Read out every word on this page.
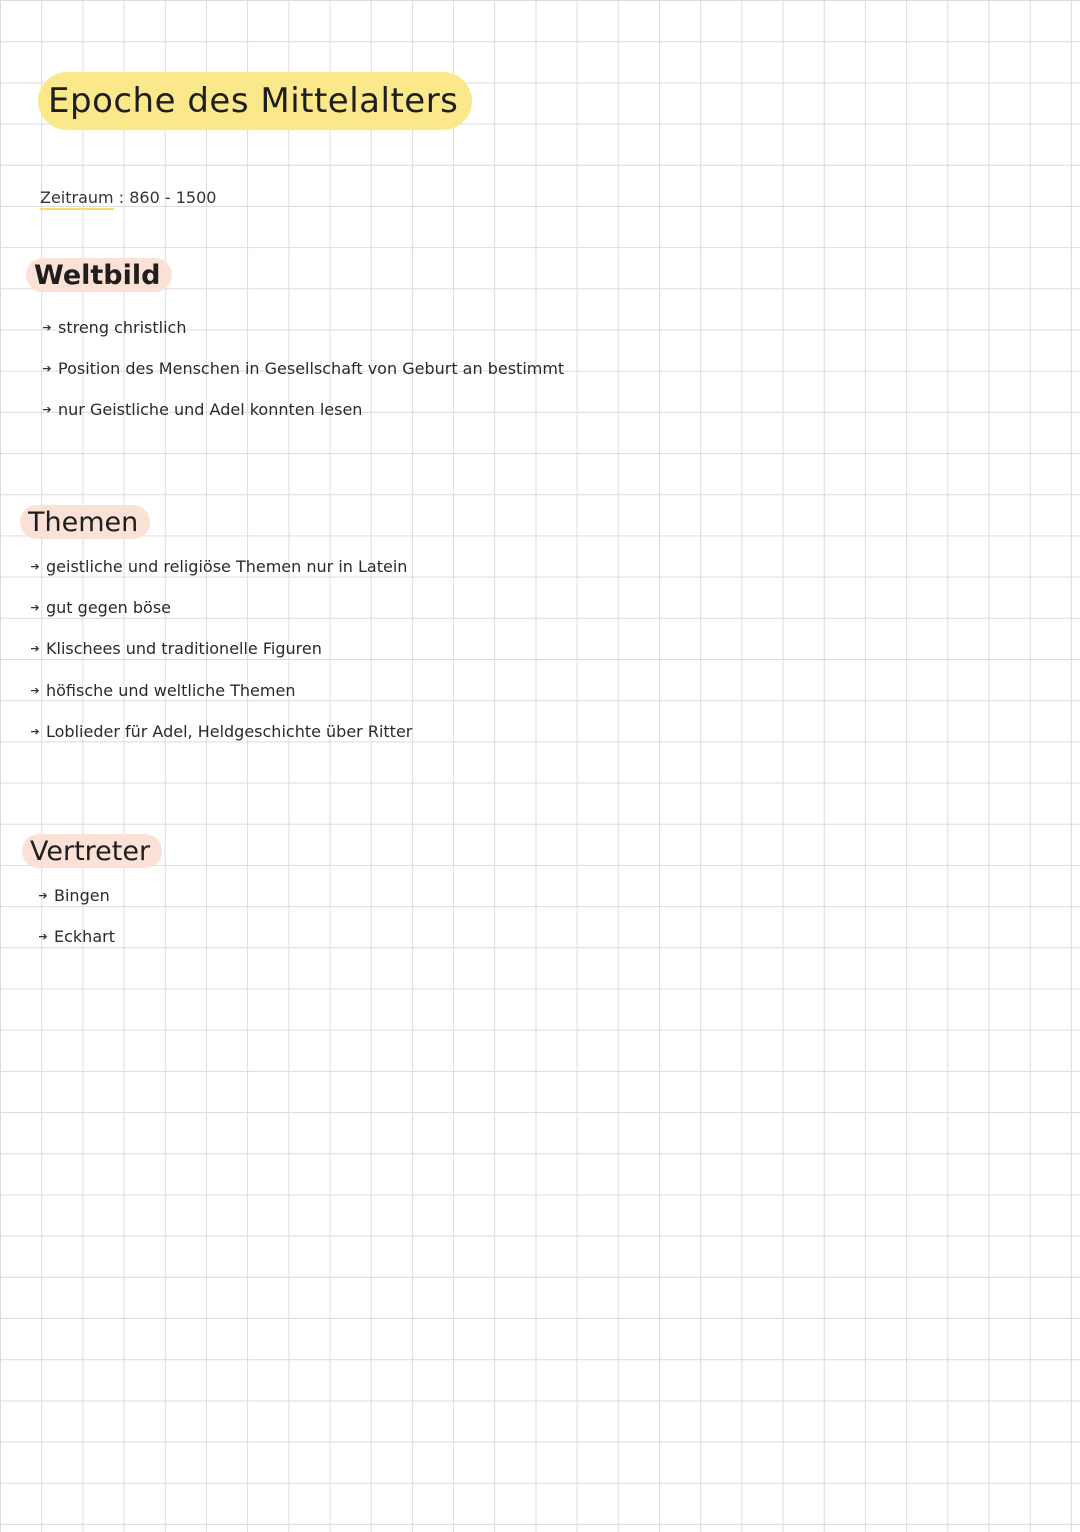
Epoche des Mittelalters
Zeitraum : 860 - 1500
Weltbild
➔ streng christlich
➔ Position des Menschen in Gesellschaft von Geburt an bestimmt
➔ nur Geistliche und Adel konnten lesen
Themen
➔ geistliche und religiöse Themen nur in Latein
➔ gut gegen böse
➔ Klischees und traditionelle Figuren
➔ höfische und weltliche Themen
➔ Loblieder für Adel, Heldgeschichte über Ritter
Vertreter
➔ Bingen
➔ Eckhart
